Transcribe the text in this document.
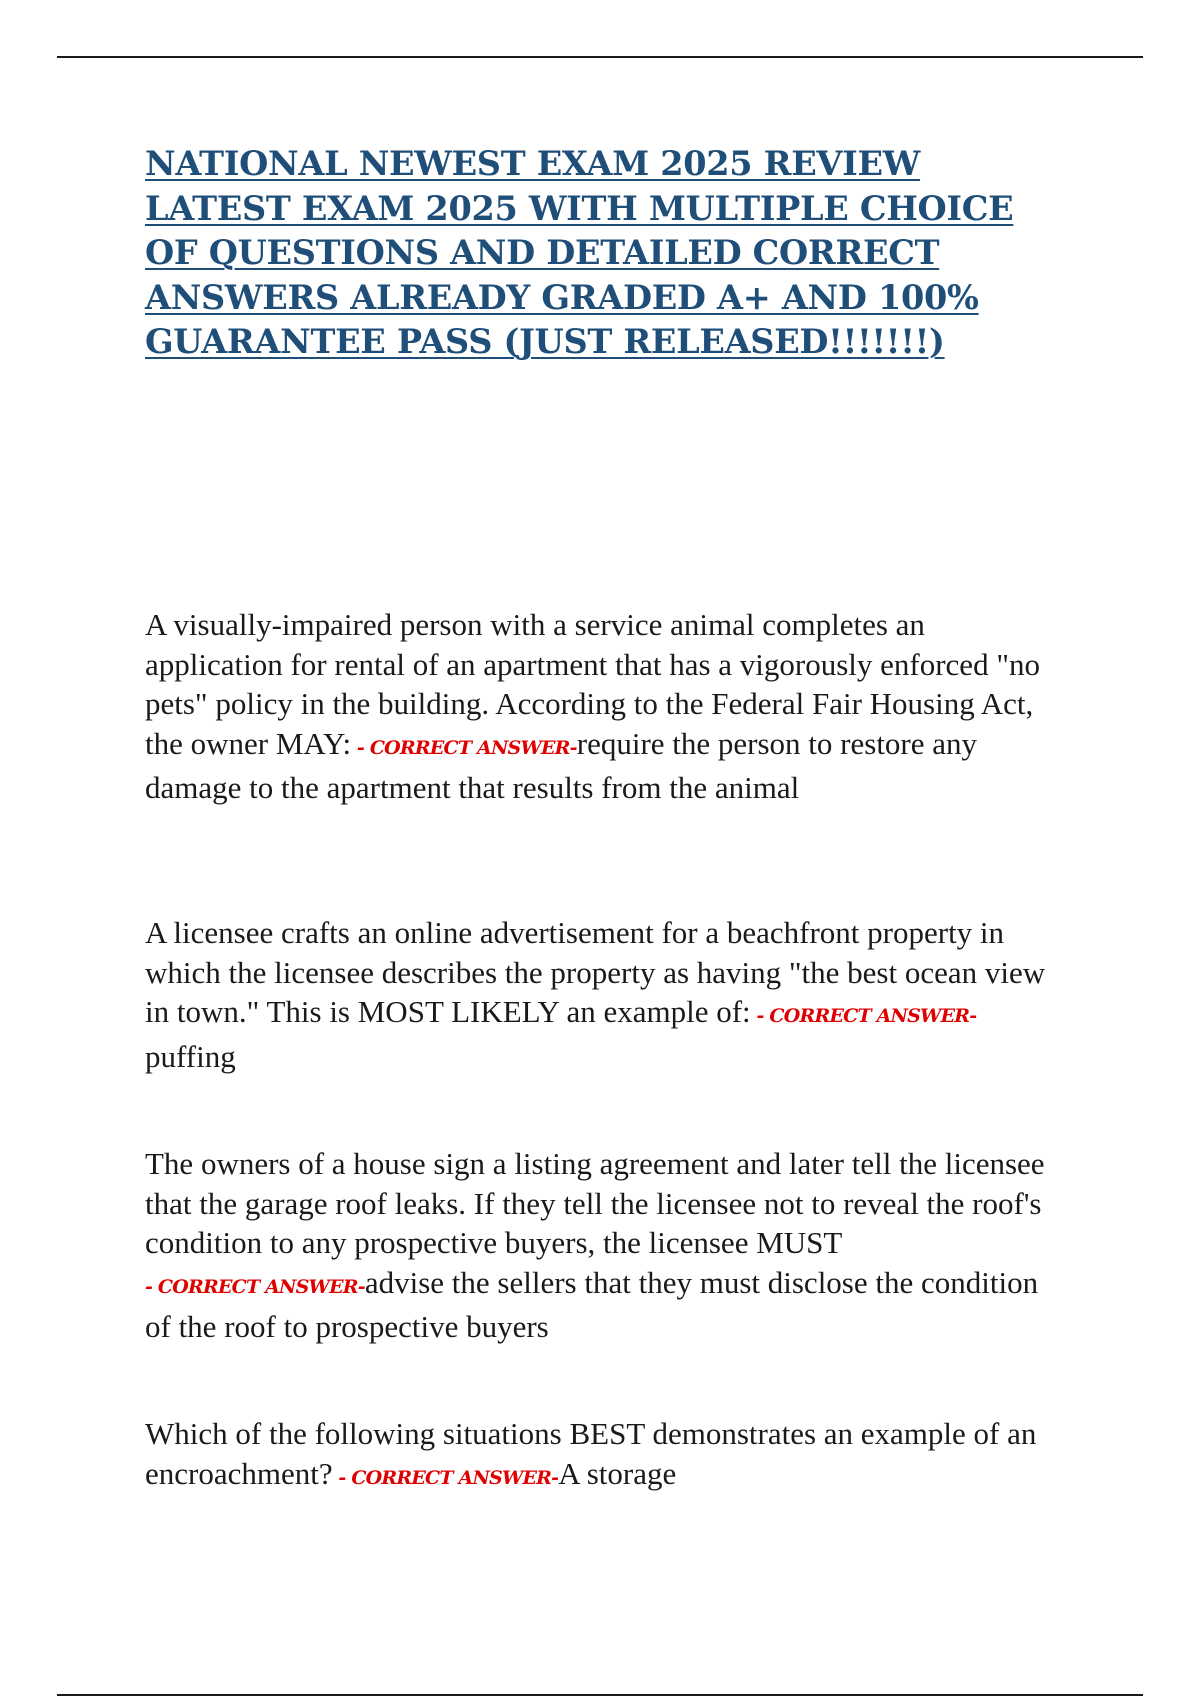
NATIONAL NEWEST EXAM 2025 REVIEW LATEST EXAM 2025 WITH MULTIPLE CHOICE OF QUESTIONS AND DETAILED CORRECT ANSWERS ALREADY GRADED A+ AND 100% GUARANTEE PASS (JUST RELEASED!!!!!!!)

A visually-impaired person with a service animal completes an application for rental of an apartment that has a vigorously enforced "no pets" policy in the building. According to the Federal Fair Housing Act, the owner MAY: - CORRECT ANSWER-require the person to restore any damage to the apartment that results from the animal

A licensee crafts an online advertisement for a beachfront property in which the licensee describes the property as having "the best ocean view in town." This is MOST LIKELY an example of: - CORRECT ANSWER-puffing

The owners of a house sign a listing agreement and later tell the licensee that the garage roof leaks. If they tell the licensee not to reveal the roof's condition to any prospective buyers, the licensee MUST - CORRECT ANSWER-advise the sellers that they must disclose the condition of the roof to prospective buyers

Which of the following situations BEST demonstrates an example of an encroachment? - CORRECT ANSWER-A storage
